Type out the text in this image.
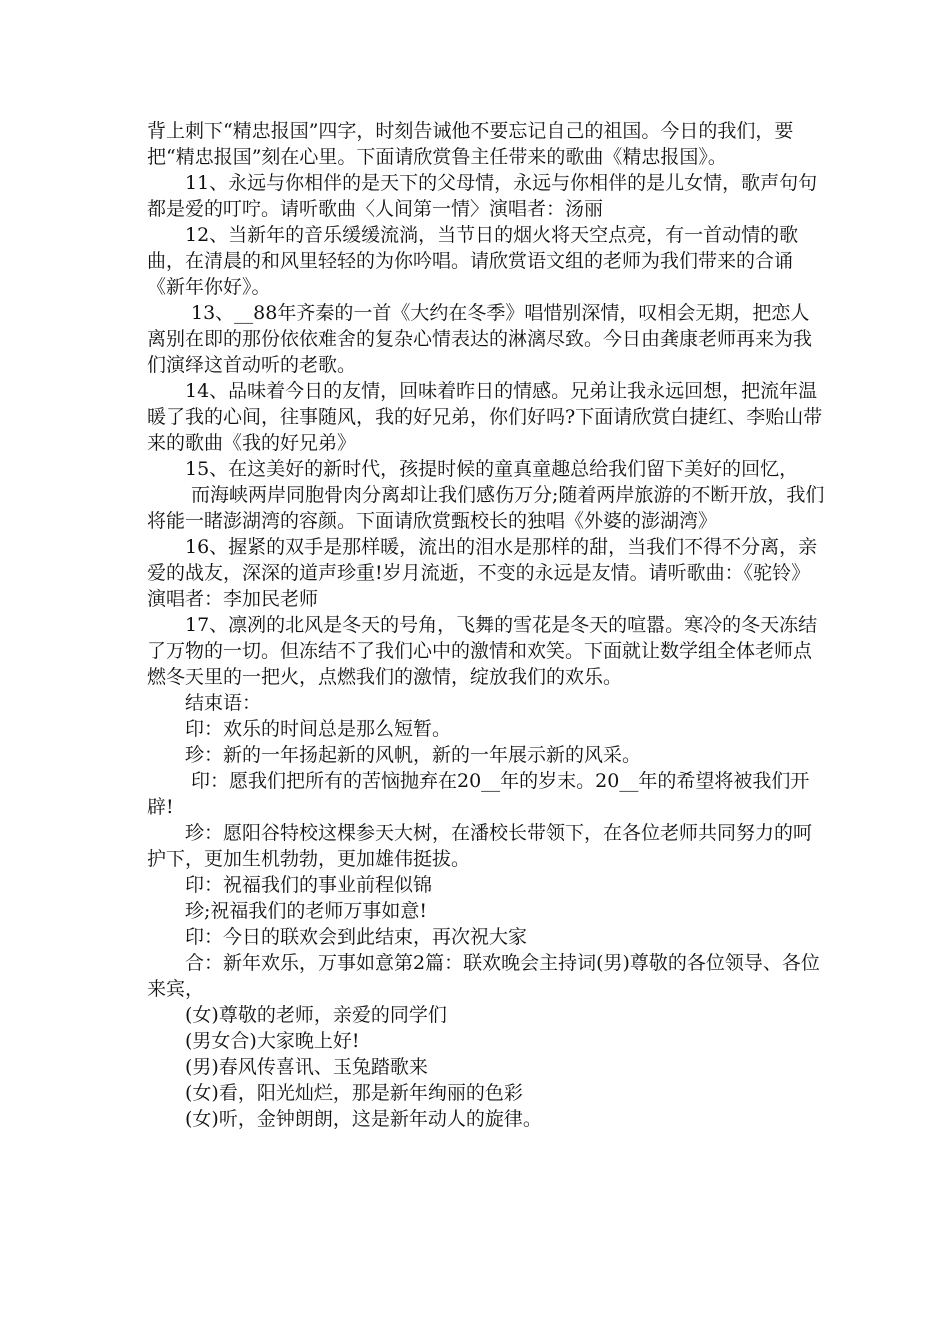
背上刺下“精忠报国”四字，时刻告诫他不要忘记自己的祖国。今日的我们，要把“精忠报国”刻在心里。下面请欣赏鲁主任带来的歌曲《精忠报国》。

11、永远与你相伴的是天下的父母情，永远与你相伴的是儿女情，歌声句句都是爱的叮咛。请听歌曲〈人间第一情〉演唱者：汤丽

12、当新年的音乐缓缓流淌，当节日的烟火将天空点亮，有一首动情的歌曲，在清晨的和风里轻轻的为你吟唱。请欣赏语文组的老师为我们带来的合诵《新年你好》。

13、__88年齐秦的一首《大约在冬季》唱惜别深情，叹相会无期，把恋人离别在即的那份依依难舍的复杂心情表达的淋漓尽致。今日由龚康老师再来为我们演绎这首动听的老歌。

14、品味着今日的友情，回味着昨日的情感。兄弟让我永远回想，把流年温暖了我的心间，往事随风，我的好兄弟，你们好吗?下面请欣赏白捷红、李贻山带来的歌曲《我的好兄弟》

15、在这美好的新时代，孩提时候的童真童趣总给我们留下美好的回忆，

而海峡两岸同胞骨肉分离却让我们感伤万分;随着两岸旅游的不断开放，我们将能一睹澎湖湾的容颜。下面请欣赏甄校长的独唱《外婆的澎湖湾》

16、握紧的双手是那样暖，流出的泪水是那样的甜，当我们不得不分离，亲爱的战友，深深的道声珍重!岁月流逝，不变的永远是友情。请听歌曲：《驼铃》演唱者：李加民老师

17、凛冽的北风是冬天的号角，飞舞的雪花是冬天的喧嚣。寒冷的冬天冻结了万物的一切。但冻结不了我们心中的激情和欢笑。下面就让数学组全体老师点燃冬天里的一把火，点燃我们的激情，绽放我们的欢乐。

结束语：

印：欢乐的时间总是那么短暂。

珍：新的一年扬起新的风帆，新的一年展示新的风采。

印：愿我们把所有的苦恼抛弃在20__年的岁末。20__年的希望将被我们开辟!

珍：愿阳谷特校这棵参天大树，在潘校长带领下，在各位老师共同努力的呵护下，更加生机勃勃，更加雄伟挺拔。

印：祝福我们的事业前程似锦

珍;祝福我们的老师万事如意!

印：今日的联欢会到此结束，再次祝大家

合：新年欢乐，万事如意第2篇：联欢晚会主持词(男)尊敬的各位领导、各位来宾，

(女)尊敬的老师，亲爱的同学们

(男女合)大家晚上好!

(男)春风传喜讯、玉兔踏歌来

(女)看，阳光灿烂，那是新年绚丽的色彩

(女)听，金钟朗朗，这是新年动人的旋律。
